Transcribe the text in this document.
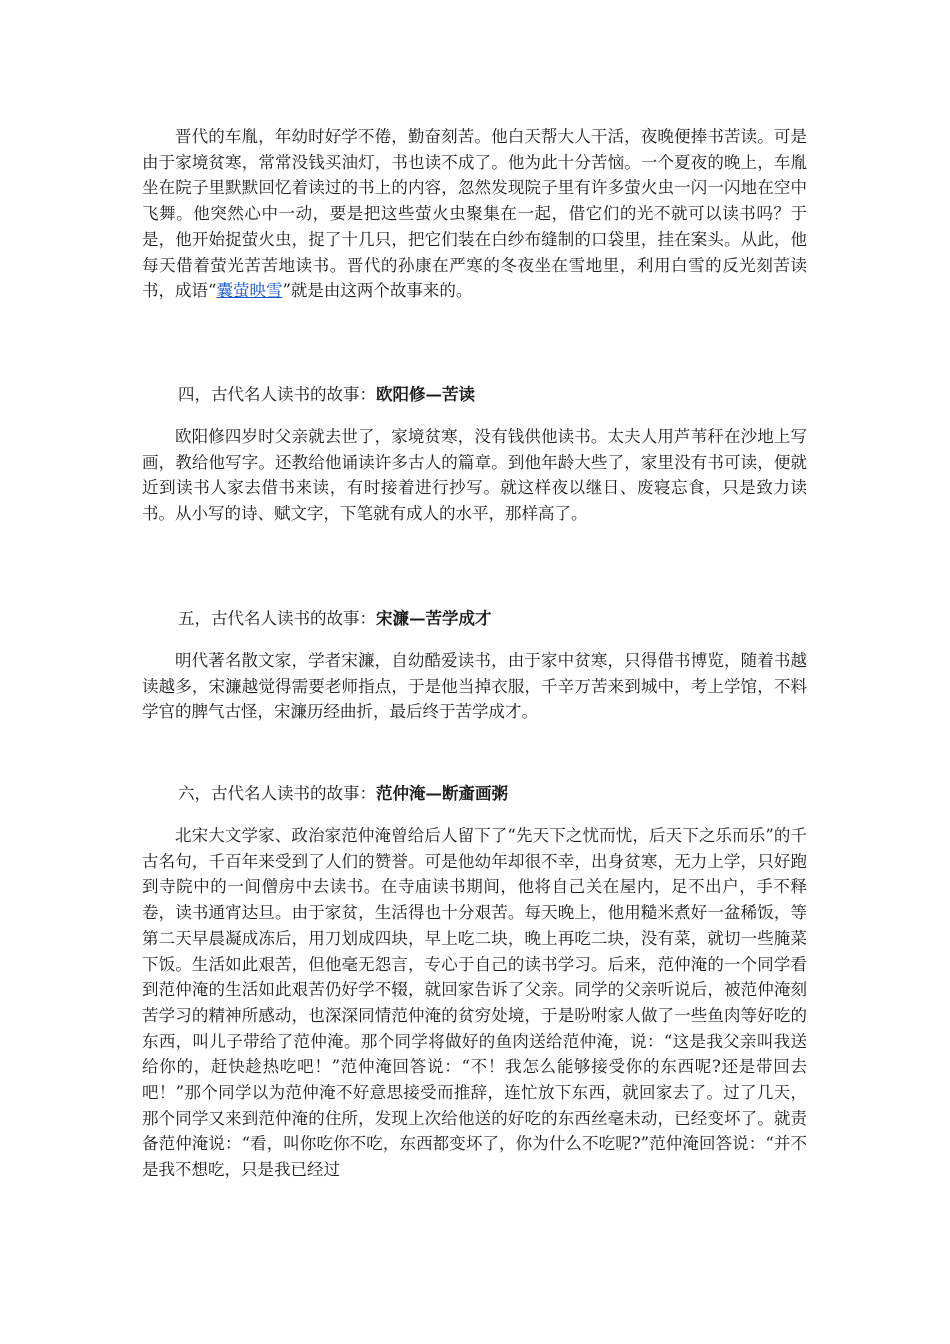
晋代的车胤，年幼时好学不倦，勤奋刻苦。他白天帮大人干活，夜晚便捧书苦读。可是由于家境贫寒，常常没钱买油灯，书也读不成了。他为此十分苦恼。一个夏夜的晚上，车胤坐在院子里默默回忆着读过的书上的内容，忽然发现院子里有许多萤火虫一闪一闪地在空中飞舞。他突然心中一动，要是把这些萤火虫聚集在一起，借它们的光不就可以读书吗？于是，他开始捉萤火虫，捉了十几只，把它们装在白纱布缝制的口袋里，挂在案头。从此，他每天借着萤光苦苦地读书。晋代的孙康在严寒的冬夜坐在雪地里，利用白雪的反光刻苦读书，成语“囊萤映雪”就是由这两个故事来的。

四，古代名人读书的故事：欧阳修—苦读

欧阳修四岁时父亲就去世了，家境贫寒，没有钱供他读书。太夫人用芦苇秆在沙地上写画，教给他写字。还教给他诵读许多古人的篇章。到他年龄大些了，家里没有书可读，便就近到读书人家去借书来读，有时接着进行抄写。就这样夜以继日、废寝忘食，只是致力读书。从小写的诗、赋文字，下笔就有成人的水平，那样高了。

五，古代名人读书的故事：宋濂—苦学成才

明代著名散文家，学者宋濂，自幼酷爱读书，由于家中贫寒，只得借书博览，随着书越读越多，宋濂越觉得需要老师指点，于是他当掉衣服，千辛万苦来到城中，考上学馆，不料学官的脾气古怪，宋濂历经曲折，最后终于苦学成才。

六，古代名人读书的故事：范仲淹—断齑画粥

北宋大文学家、政治家范仲淹曾给后人留下了“先天下之忧而忧，后天下之乐而乐”的千古名句，千百年来受到了人们的赞誉。可是他幼年却很不幸，出身贫寒，无力上学，只好跑到寺院中的一间僧房中去读书。在寺庙读书期间，他将自己关在屋内，足不出户，手不释卷，读书通宵达旦。由于家贫，生活得也十分艰苦。每天晚上，他用糙米煮好一盆稀饭，等第二天早晨凝成冻后，用刀划成四块，早上吃二块，晚上再吃二块，没有菜，就切一些腌菜下饭。生活如此艰苦，但他毫无怨言，专心于自己的读书学习。后来，范仲淹的一个同学看到范仲淹的生活如此艰苦仍好学不辍，就回家告诉了父亲。同学的父亲听说后，被范仲淹刻苦学习的精神所感动，也深深同情范仲淹的贫穷处境，于是吩咐家人做了一些鱼肉等好吃的东西，叫儿子带给了范仲淹。那个同学将做好的鱼肉送给范仲淹，说：“这是我父亲叫我送给你的，赶快趁热吃吧！”范仲淹回答说：“不！我怎么能够接受你的东西呢?还是带回去吧！”那个同学以为范仲淹不好意思接受而推辞，连忙放下东西，就回家去了。过了几天，那个同学又来到范仲淹的住所，发现上次给他送的好吃的东西丝毫未动，已经变坏了。就责备范仲淹说：“看，叫你吃你不吃，东西都变坏了，你为什么不吃呢?”范仲淹回答说：“并不是我不想吃，只是我已经过
